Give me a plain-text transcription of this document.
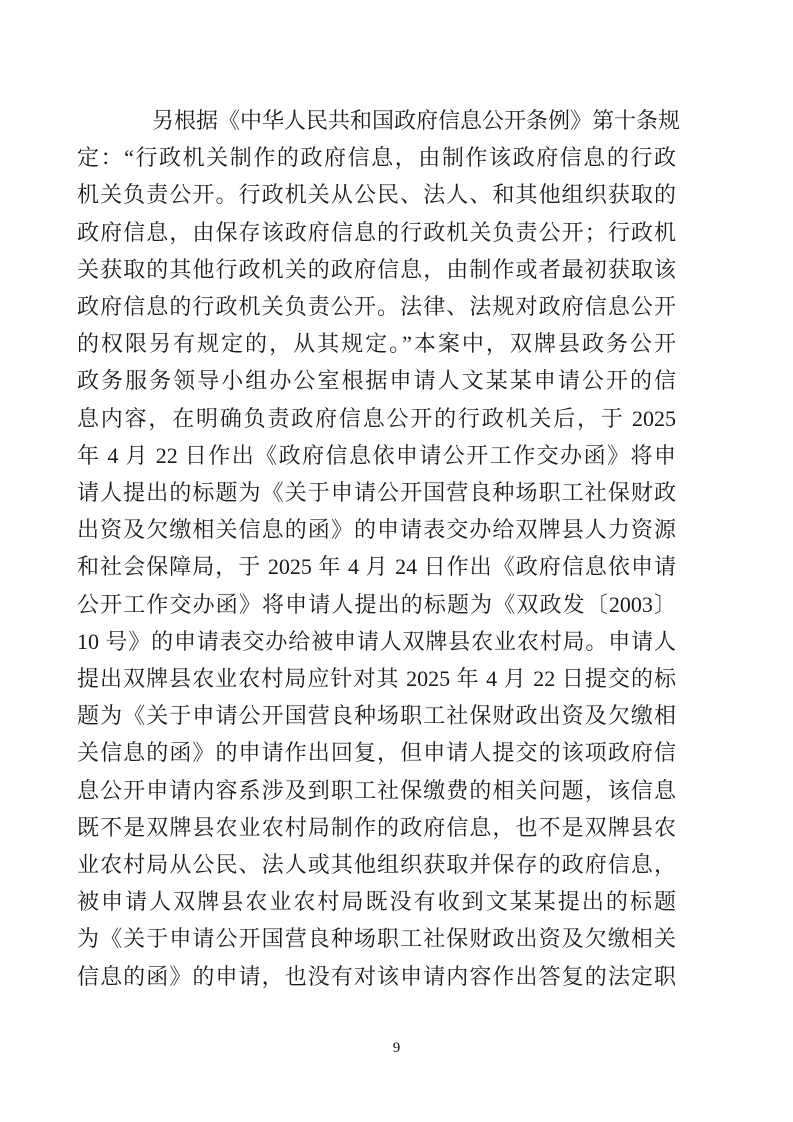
另根据《中华人民共和国政府信息公开条例》第十条规
定：“行政机关制作的政府信息，由制作该政府信息的行政
机关负责公开。行政机关从公民、法人、和其他组织获取的
政府信息，由保存该政府信息的行政机关负责公开；行政机
关获取的其他行政机关的政府信息，由制作或者最初获取该
政府信息的行政机关负责公开。法律、法规对政府信息公开
的权限另有规定的，从其规定。”本案中，双牌县政务公开
政务服务领导小组办公室根据申请人文某某申请公开的信
息内容，在明确负责政府信息公开的行政机关后，于 2025
年 4 月 22 日作出《政府信息依申请公开工作交办函》将申
请人提出的标题为《关于申请公开国营良种场职工社保财政
出资及欠缴相关信息的函》的申请表交办给双牌县人力资源
和社会保障局，于 2025 年 4 月 24 日作出《政府信息依申请
公开工作交办函》将申请人提出的标题为《双政发〔2003〕
10 号》的申请表交办给被申请人双牌县农业农村局。申请人
提出双牌县农业农村局应针对其 2025 年 4 月 22 日提交的标
题为《关于申请公开国营良种场职工社保财政出资及欠缴相
关信息的函》的申请作出回复，但申请人提交的该项政府信
息公开申请内容系涉及到职工社保缴费的相关问题，该信息
既不是双牌县农业农村局制作的政府信息，也不是双牌县农
业农村局从公民、法人或其他组织获取并保存的政府信息，
被申请人双牌县农业农村局既没有收到文某某提出的标题
为《关于申请公开国营良种场职工社保财政出资及欠缴相关
信息的函》的申请，也没有对该申请内容作出答复的法定职
9
